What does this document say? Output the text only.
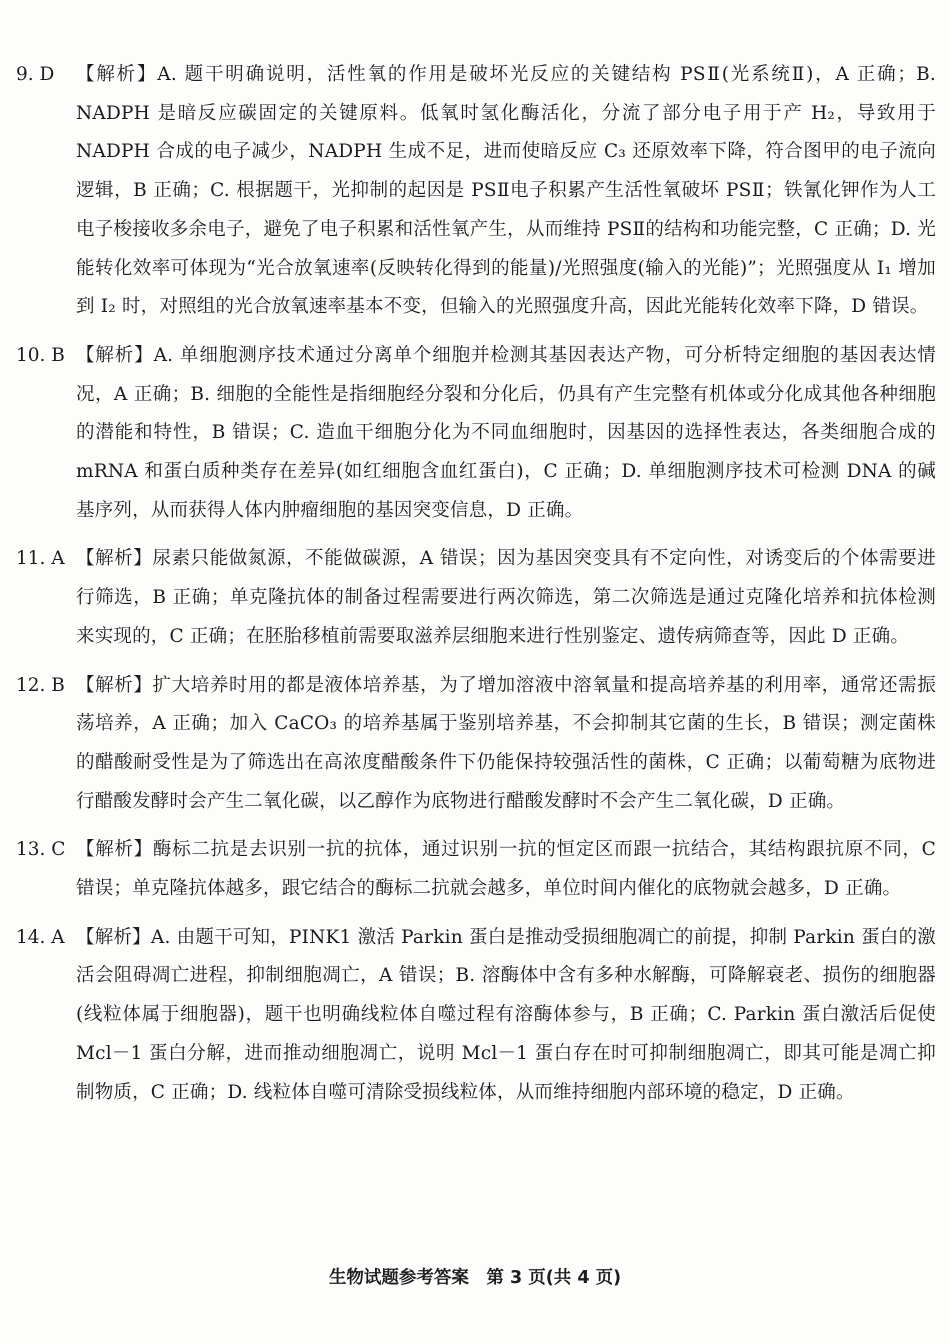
9. D	【解析】A. 题干明确说明，活性氧的作用是破坏光反应的关键结构 PSⅡ(光系统Ⅱ)，A 正确；B. NADPH 是暗反应碳固定的关键原料。低氧时氢化酶活化，分流了部分电子用于产 H₂，导致用于 NADPH 合成的电子减少，NADPH 生成不足，进而使暗反应 C₃ 还原效率下降，符合图甲的电子流向逻辑，B 正确；C. 根据题干，光抑制的起因是 PSⅡ电子积累产生活性氧破坏 PSⅡ；铁氰化钾作为人工电子梭接收多余电子，避免了电子积累和活性氧产生，从而维持 PSⅡ的结构和功能完整，C 正确；D. 光能转化效率可体现为“光合放氧速率(反映转化得到的能量)/光照强度(输入的光能)”；光照强度从 I₁ 增加到 I₂ 时，对照组的光合放氧速率基本不变，但输入的光照强度升高，因此光能转化效率下降，D 错误。
10. B 【解析】A. 单细胞测序技术通过分离单个细胞并检测其基因表达产物，可分析特定细胞的基因表达情况，A 正确；B. 细胞的全能性是指细胞经分裂和分化后，仍具有产生完整有机体或分化成其他各种细胞的潜能和特性，B 错误；C. 造血干细胞分化为不同血细胞时，因基因的选择性表达，各类细胞合成的 mRNA 和蛋白质种类存在差异(如红细胞含血红蛋白)，C 正确；D. 单细胞测序技术可检测 DNA 的碱基序列，从而获得人体内肿瘤细胞的基因突变信息，D 正确。
11. A 【解析】尿素只能做氮源，不能做碳源，A 错误；因为基因突变具有不定向性，对诱变后的个体需要进行筛选，B 正确；单克隆抗体的制备过程需要进行两次筛选，第二次筛选是通过克隆化培养和抗体检测来实现的，C 正确；在胚胎移植前需要取滋养层细胞来进行性别鉴定、遗传病筛查等，因此 D 正确。
12. B 【解析】扩大培养时用的都是液体培养基，为了增加溶液中溶氧量和提高培养基的利用率，通常还需振荡培养，A 正确；加入 CaCO₃ 的培养基属于鉴别培养基，不会抑制其它菌的生长，B 错误；测定菌株的醋酸耐受性是为了筛选出在高浓度醋酸条件下仍能保持较强活性的菌株，C 正确；以葡萄糖为底物进行醋酸发酵时会产生二氧化碳，以乙醇作为底物进行醋酸发酵时不会产生二氧化碳，D 正确。
13. C 【解析】酶标二抗是去识别一抗的抗体，通过识别一抗的恒定区而跟一抗结合，其结构跟抗原不同，C 错误；单克隆抗体越多，跟它结合的酶标二抗就会越多，单位时间内催化的底物就会越多，D 正确。
14. A 【解析】A. 由题干可知，PINK1 激活 Parkin 蛋白是推动受损细胞凋亡的前提，抑制 Parkin 蛋白的激活会阻碍凋亡进程，抑制细胞凋亡，A 错误；B. 溶酶体中含有多种水解酶，可降解衰老、损伤的细胞器(线粒体属于细胞器)，题干也明确线粒体自噬过程有溶酶体参与，B 正确；C. Parkin 蛋白激活后促使 Mcl－1 蛋白分解，进而推动细胞凋亡，说明 Mcl－1 蛋白存在时可抑制细胞凋亡，即其可能是凋亡抑制物质，C 正确；D. 线粒体自噬可清除受损线粒体，从而维持细胞内部环境的稳定，D 正确。
生物试题参考答案　第 3 页(共 4 页)
